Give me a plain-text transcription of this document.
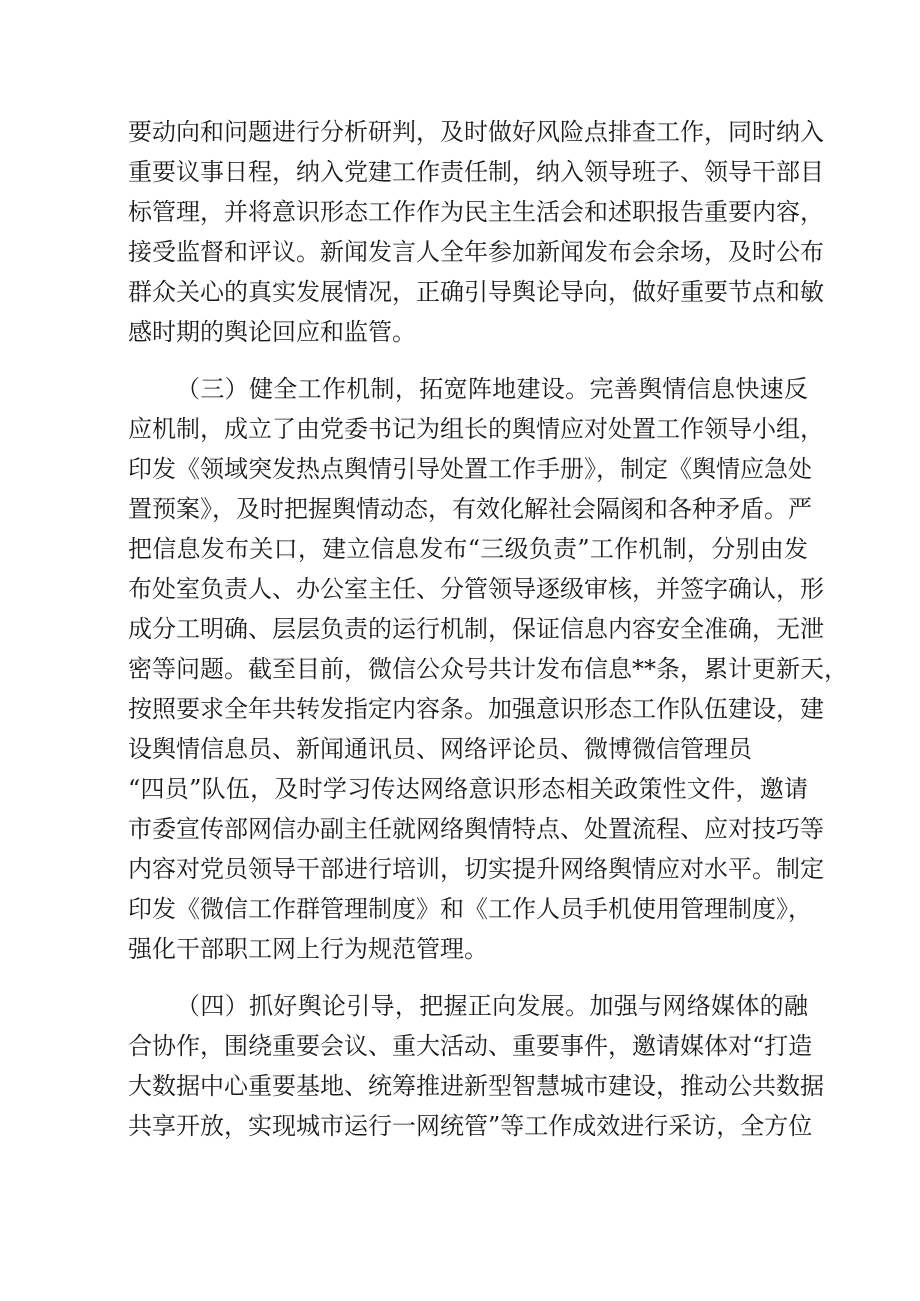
要动向和问题进行分析研判，及时做好风险点排查工作，同时纳入
重要议事日程，纳入党建工作责任制，纳入领导班子、领导干部目
标管理，并将意识形态工作作为民主生活会和述职报告重要内容，
接受监督和评议。新闻发言人全年参加新闻发布会余场，及时公布
群众关心的真实发展情况，正确引导舆论导向，做好重要节点和敏
感时期的舆论回应和监管。
（三）健全工作机制，拓宽阵地建设。完善舆情信息快速反
应机制，成立了由党委书记为组长的舆情应对处置工作领导小组，
印发《领域突发热点舆情引导处置工作手册》，制定《舆情应急处
置预案》，及时把握舆情动态，有效化解社会隔阂和各种矛盾。严
把信息发布关口，建立信息发布“三级负责”工作机制，分别由发
布处室负责人、办公室主任、分管领导逐级审核，并签字确认，形
成分工明确、层层负责的运行机制，保证信息内容安全准确，无泄
密等问题。截至目前，微信公众号共计发布信息**条，累计更新天，
按照要求全年共转发指定内容条。加强意识形态工作队伍建设，建
设舆情信息员、新闻通讯员、网络评论员、微博微信管理员
“四员”队伍，及时学习传达网络意识形态相关政策性文件，邀请
市委宣传部网信办副主任就网络舆情特点、处置流程、应对技巧等
内容对党员领导干部进行培训，切实提升网络舆情应对水平。制定
印发《微信工作群管理制度》和《工作人员手机使用管理制度》，
强化干部职工网上行为规范管理。
（四）抓好舆论引导，把握正向发展。加强与网络媒体的融
合协作，围绕重要会议、重大活动、重要事件，邀请媒体对“打造
大数据中心重要基地、统筹推进新型智慧城市建设，推动公共数据
共享开放，实现城市运行一网统管”等工作成效进行采访，全方位
